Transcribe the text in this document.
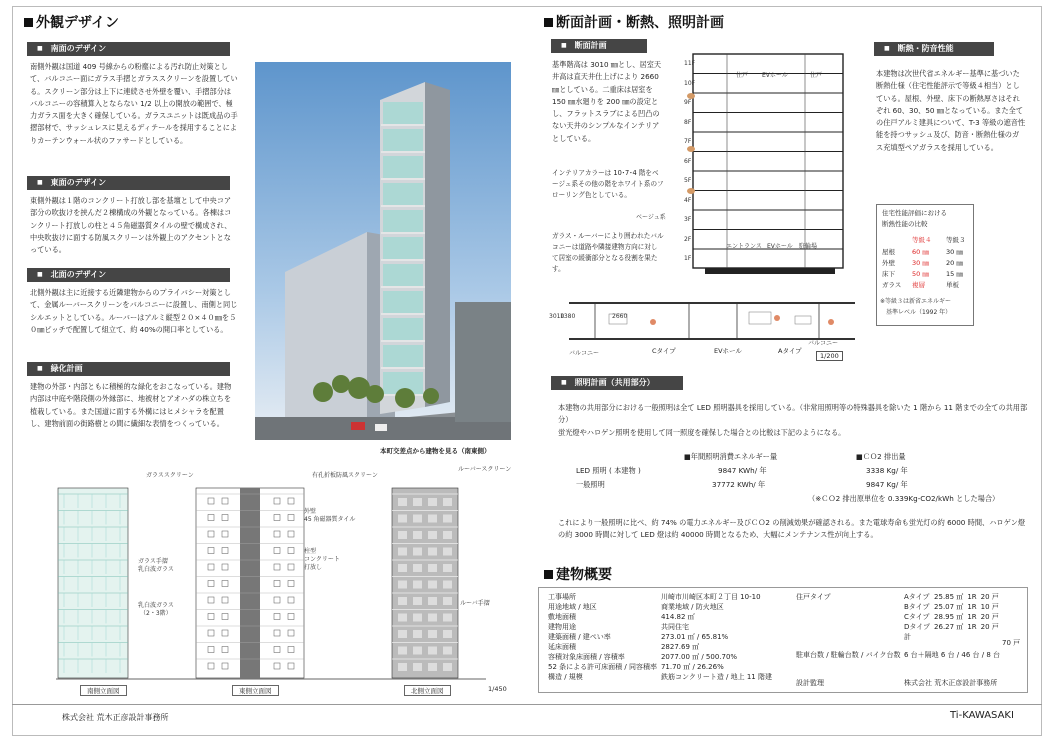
外観デザイン
■ 南面のデザイン
南側外観は国道 409 号線からの粉塵による汚れ防止対策として、バルコニー面にガラス手摺とガラススクリーンを設置している。スクリーン部分は上下に連続させ外壁を覆い、手摺部分はバルコニーの容積算入とならない 1/2 以上の開放の範囲で、極力ガラス面を大きく確保している。ガラスユニットは既成品の手摺部材で、サッシュレスに見えるディテールを採用することによりカーテンウォール状のファサードとしている。
■ 東面のデザイン
東側外観は１階のコンクリート打放し部を基壇として中央コア部分の吹抜けを挟んだ２棟構成の外観となっている。各棟はコンクリート打放しの柱と４５角磁器質タイルの壁で構成され、中央吹抜けに面する防風スクリーンは外観上のアクセントとなっている。
■ 北面のデザイン
北側外観は主に近接する近隣建物からのプライバシー対策として、金属ルーバースクリーンをバルコニーに設置し、南側と同じシルエットとしている。ルーバーはアルミ縦型２０×４０㎜を５０㎜ピッチで配置して組立て、約 40%の開口率としている。
■ 緑化計画
建物の外部・内部ともに積極的な緑化をおこなっている。建物内部は中庭や階段側の外縁部に、地被材とアオハダの株立ちを植栽している。また国道に面する外構にはヒメシャラを配置し、建物前面の街路樹との間に繊細な表情をつくっている。
本町交差点から建物を見る（南東側）
ガラススクリーン
ガラス手摺
乳白波ガラス
乳白波ガラス
（2・3階）
有孔折板防風スクリーン
外壁
45 角磁器質タイル
柱型
コンクリート
打放し
ルーバースクリーン
ルーバ手摺
南側立面図	東側立面図	北側立面図	1/450
断面計画・断熱、照明計画
■ 断面計画
基準階高は 3010 ㎜とし、居室天井高は直天井仕上げにより 2660 ㎜としている。二重床は居室を 150 ㎜水廻りを 200 ㎜の設定とし、フラットスラブによる凹凸のない天井のシンプルなインテリアとしている。
インテリアカラーは 10･7･4 階をベージュ系その他の階をホワイト系のフローリング色としている。
ベージュ系
ガラス・ルーバーにより囲われたバルコニーは道路や隣接建物方向に対して居室の緩衝部分となる役割を果たす。
住戸 EVホール	住戸
エントランス EVホール 駐輪場
11F
10F
9F
8F
7F
6F
5F
4F
3F
2F
1F
3010
1380	2660
バルコニー	Cタイプ	EVホール	Aタイプ
バルコニー
1/200
■ 断熱・防音性能
本建物は次世代省エネルギー基準に基づいた断熱仕様（住宅性能評示で等級４相当）としている。屋根、外壁、床下の断熱厚さはそれぞれ 60、30、50 ㎜となっている。また全ての住戸アルミ建具について、T-3 等級の遮音性能を持つサッシュ及び、防音・断熱仕様のガス充填型ペアガラスを採用している。
住宅性能評価における
断熱性能の比較
等級４ 等級３
屋根	60 ㎜	30 ㎜
外壁	30 ㎜	20 ㎜
床下	50 ㎜	15 ㎜
ガラス 複層	単板
※等級３は新省エネルギー
基準レベル（1992 年）
■ 照明計画（共用部分）
本建物の共用部分における一般照明は全て LED 照明器具を採用している。（非常用照明等の特殊器具を除いた 1 階から 11 階までの全ての共用部分）
蛍光燈やハロゲン照明を使用して同一照度を確保した場合との比較は下記のようになる。
■年間照明消費エネルギー量	■ＣＯ2 排出量
LED 照明 ( 本建物 )	9847 KWh/ 年	3338 Kg/ 年
一般照明	37772 KWh/ 年	9847 Kg/ 年
（※ＣＯ2 排出原単位を 0.339Kg-CO2/kWh とした場合）
これにより一般照明に比べ、約 74% の電力エネルギー及びＣＯ2 の削減効果が確認される。また電球寿命も蛍光灯の約 6000 時間、ハロゲン燈の約 3000 時間に対して LED 燈は約 40000 時間となるため、大幅にメンテナンス性が向上する。
建物概要
工事場所	川崎市川崎区本町２丁目 10-10
用途地域 / 地区	商業地域 / 防火地区
敷地面積	414.82 ㎡
建物用途	共同住宅
建築面積 / 建ぺい率	273.01 ㎡ / 65.81%
延床面積	2827.69 ㎡
容積対象床面積 / 容積率	2077.00 ㎡ / 500.70%
52 条による許可床面積 / 同容積率	71.70 ㎡ / 26.26%
構造 / 規模	鉄筋コンクリート造 / 地上 11 階建
住戸タイプ	Aタイプ	25.85 ㎡	1R	20 戸
Bタイプ	25.07 ㎡	1R	10 戸
Cタイプ	28.95 ㎡	1R	20 戸
Dタイプ	26.27 ㎡	1R	20 戸
計
70 戸
駐車台数 / 駐輪台数 / バイク台数 6 台＋隔地 6 台 / 46 台 / 8 台
設計監理	株式会社 荒木正彦設計事務所
株式会社 荒木正彦設計事務所	Ti-KAWASAKI
